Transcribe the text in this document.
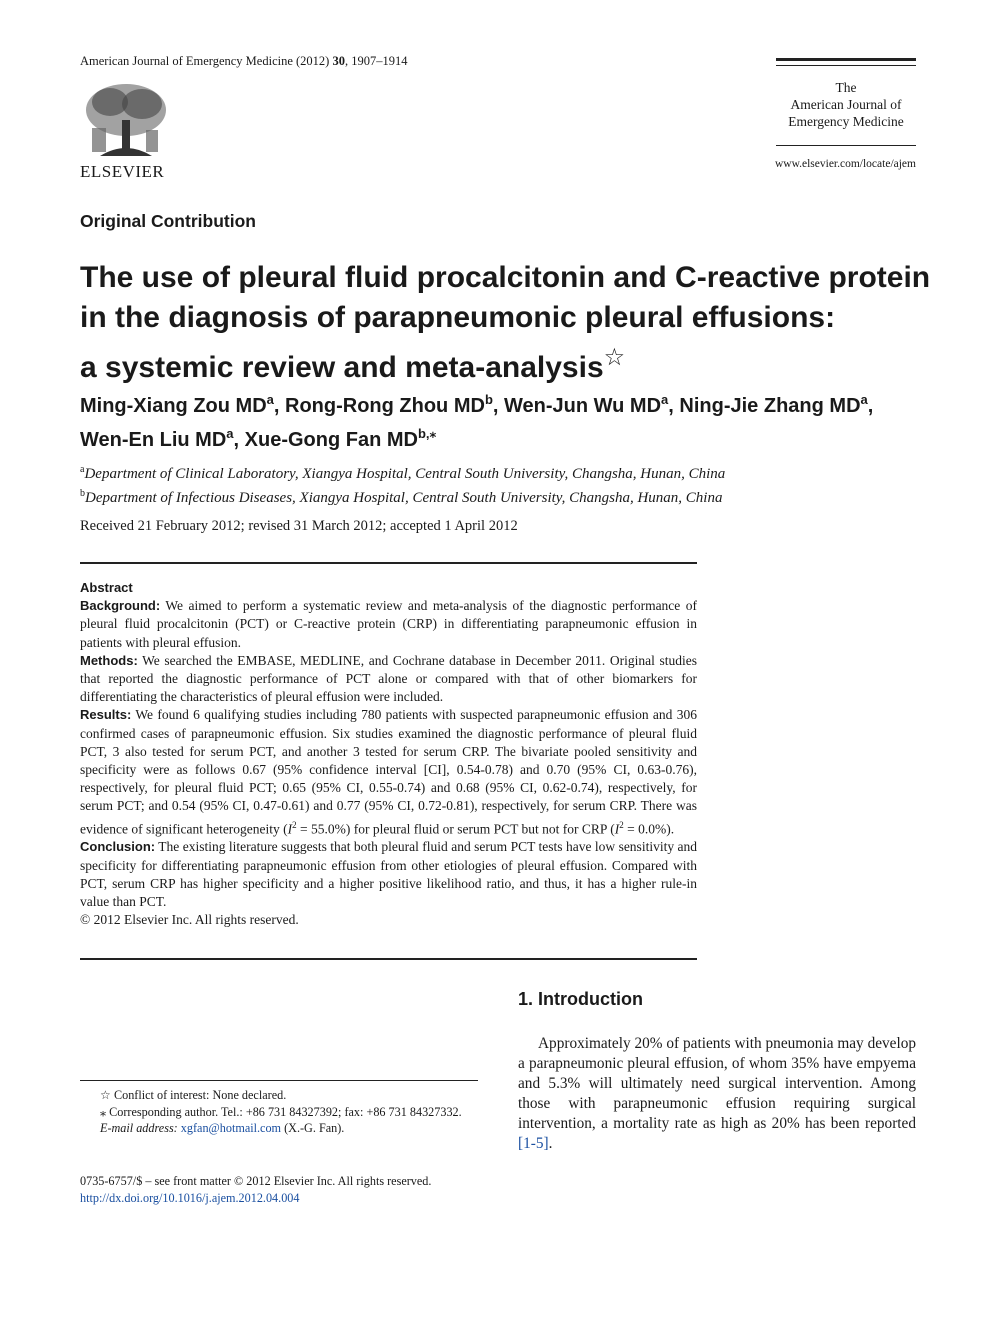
American Journal of Emergency Medicine (2012) 30, 1907–1914
ELSEVIER
The
American Journal of
Emergency Medicine
www.elsevier.com/locate/ajem
Original Contribution
The use of pleural fluid procalcitonin and C-reactive protein
in the diagnosis of parapneumonic pleural effusions:
a systemic review and meta-analysis☆
Ming-Xiang Zou $MD^a$, Rong-Rong Zhou $MD^b$, Wen-Jun Wu $MD^a$, Ning-Jie Zhang $MD^a$,
Wen-En Liu $MD^a$, Xue-Gong Fan $MD^{b,⁎}$
$^a$Department of Clinical Laboratory, Xiangya Hospital, Central South University, Changsha, Hunan, China
$^b$Department of Infectious Diseases, Xiangya Hospital, Central South University, Changsha, Hunan, China
Received 21 February 2012; revised 31 March 2012; accepted 1 April 2012

Abstract

Background: We aimed to perform a systematic review and meta-analysis of the diagnostic performance of pleural fluid procalcitonin (PCT) or C-reactive protein (CRP) in differentiating parapneumonic effusion in patients with pleural effusion.

Methods: We searched the EMBASE, MEDLINE, and Cochrane database in December 2011. Original studies that reported the diagnostic performance of PCT alone or compared with that of other biomarkers for differentiating the characteristics of pleural effusion were included.

Results: We found 6 qualifying studies including 780 patients with suspected parapneumonic effusion and 306 confirmed cases of parapneumonic effusion. Six studies examined the diagnostic performance of pleural fluid PCT, 3 also tested for serum PCT, and another 3 tested for serum CRP. The bivariate pooled sensitivity and specificity were as follows 0.67 (95% confidence interval [CI], 0.54-0.78) and 0.70 (95% CI, 0.63-0.76), respectively, for pleural fluid PCT; 0.65 (95% CI, 0.55-0.74) and 0.68 (95% CI, 0.62-0.74), respectively, for serum PCT; and 0.54 (95% CI, 0.47-0.61) and 0.77 (95% CI, 0.72-0.81), respectively, for serum CRP. There was evidence of significant heterogeneity $(I^2 = 55.0\%)$ for pleural fluid or serum PCT but not for CRP $(I^2 = 0.0\%)$.

Conclusion: The existing literature suggests that both pleural fluid and serum PCT tests have low sensitivity and specificity for differentiating parapneumonic effusion from other etiologies of pleural effusion. Compared with PCT, serum CRP has higher specificity and a higher positive likelihood ratio, and thus, it has a higher rule-in value than PCT.

© 2012 Elsevier Inc. All rights reserved.

1. Introduction

Approximately 20% of patients with pneumonia may develop a parapneumonic pleural effusion, of whom 35% have empyema and 5.3% will ultimately need surgical intervention. Among those with parapneumonic effusion requiring surgical intervention, a mortality rate as high as 20% has been reported [1-5].

☆ Conflict of interest: None declared.

⁎ Corresponding author. Tel.: +86 731 84327392; fax: +86 731 84327332.

E-mail address: xgfan@hotmail.com (X.-G. Fan).

0735-6757/$ – see front matter © 2012 Elsevier Inc. All rights reserved.
http://dx.doi.org/10.1016/j.ajem.2012.04.004
